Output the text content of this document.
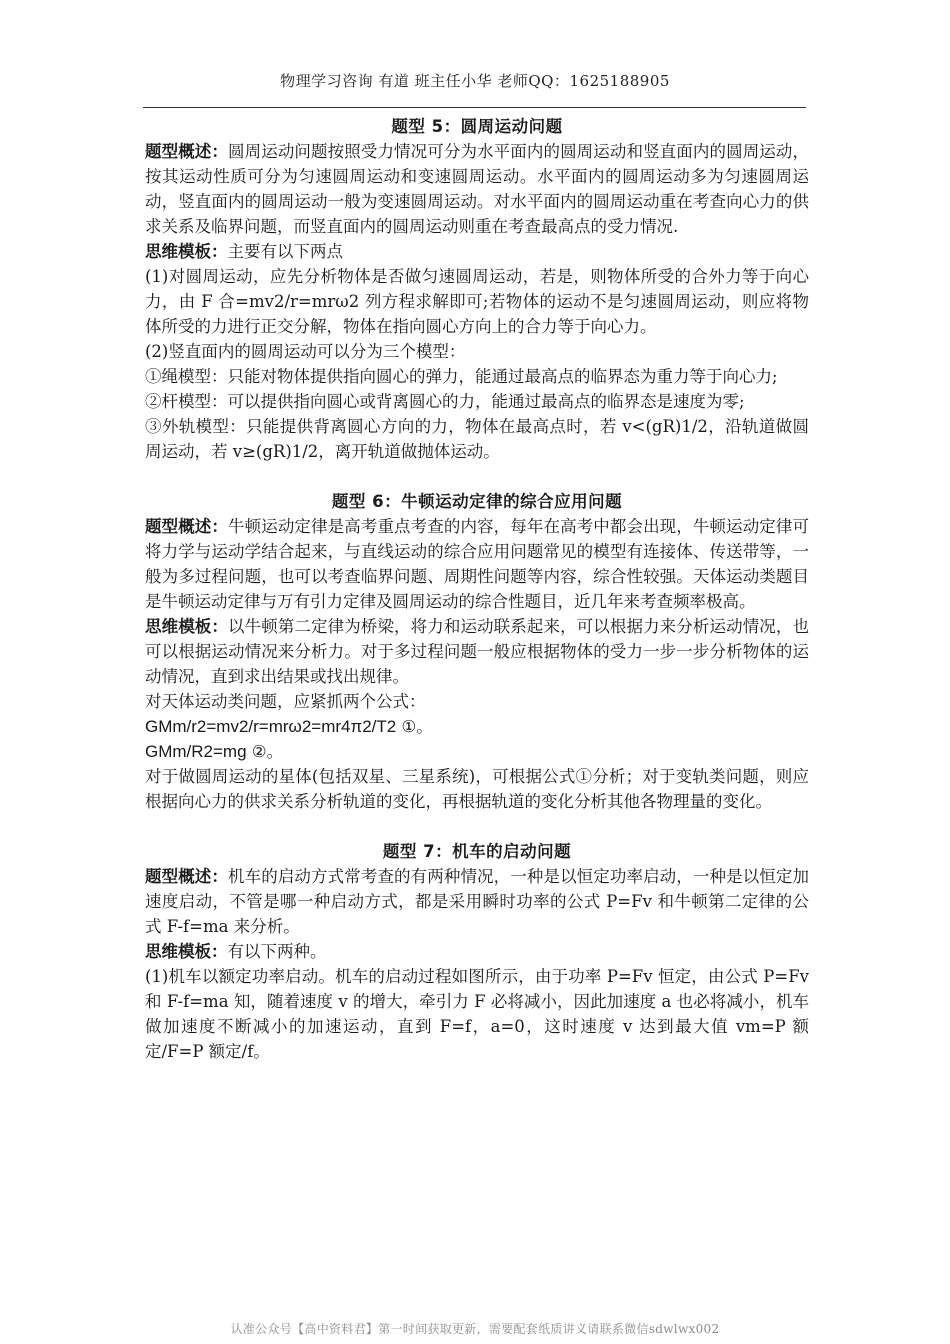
物理学习咨询 有道 班主任小华 老师QQ：1625188905
题型 5：圆周运动问题

题型概述：圆周运动问题按照受力情况可分为水平面内的圆周运动和竖直面内的圆周运动，按其运动性质可分为匀速圆周运动和变速圆周运动。水平面内的圆周运动多为匀速圆周运动，竖直面内的圆周运动一般为变速圆周运动。对水平面内的圆周运动重在考查向心力的供求关系及临界问题，而竖直面内的圆周运动则重在考查最高点的受力情况.

思维模板：主要有以下两点

(1)对圆周运动，应先分析物体是否做匀速圆周运动，若是，则物体所受的合外力等于向心力，由 F 合=mv2/r=mrω2 列方程求解即可;若物体的运动不是匀速圆周运动，则应将物体所受的力进行正交分解，物体在指向圆心方向上的合力等于向心力。

(2)竖直面内的圆周运动可以分为三个模型：

①绳模型：只能对物体提供指向圆心的弹力，能通过最高点的临界态为重力等于向心力;

②杆模型：可以提供指向圆心或背离圆心的力，能通过最高点的临界态是速度为零;

③外轨模型：只能提供背离圆心方向的力，物体在最高点时，若 v<(gR)1/2，沿轨道做圆周运动，若 v≥(gR)1/2，离开轨道做抛体运动。

题型 6：牛顿运动定律的综合应用问题

题型概述：牛顿运动定律是高考重点考查的内容，每年在高考中都会出现，牛顿运动定律可将力学与运动学结合起来，与直线运动的综合应用问题常见的模型有连接体、传送带等，一般为多过程问题，也可以考查临界问题、周期性问题等内容，综合性较强。天体运动类题目是牛顿运动定律与万有引力定律及圆周运动的综合性题目，近几年来考查频率极高。

思维模板：以牛顿第二定律为桥梁，将力和运动联系起来，可以根据力来分析运动情况，也可以根据运动情况来分析力。对于多过程问题一般应根据物体的受力一步一步分析物体的运动情况，直到求出结果或找出规律。

对天体运动类问题，应紧抓两个公式：

GMm/r2=mv2/r=mrω2=mr4π2/T2 ①。

GMm/R2=mg ②。

对于做圆周运动的星体(包括双星、三星系统)，可根据公式①分析；对于变轨类问题，则应根据向心力的供求关系分析轨道的变化，再根据轨道的变化分析其他各物理量的变化。

题型 7：机车的启动问题

题型概述：机车的启动方式常考查的有两种情况，一种是以恒定功率启动，一种是以恒定加速度启动，不管是哪一种启动方式，都是采用瞬时功率的公式 P=Fv 和牛顿第二定律的公式 F-f=ma 来分析。

思维模板：有以下两种。

(1)机车以额定功率启动。机车的启动过程如图所示，由于功率 P=Fv 恒定，由公式 P=Fv 和 F-f=ma 知，随着速度 v 的增大，牵引力 F 必将减小，因此加速度 a 也必将减小，机车做加速度不断减小的加速运动，直到 F=f，a=0，这时速度 v 达到最大值 vm=P 额定/F=P 额定/f。

认准公众号【高中资料君】第一时间获取更新，需要配套纸质讲义请联系微信sdwlwx002
